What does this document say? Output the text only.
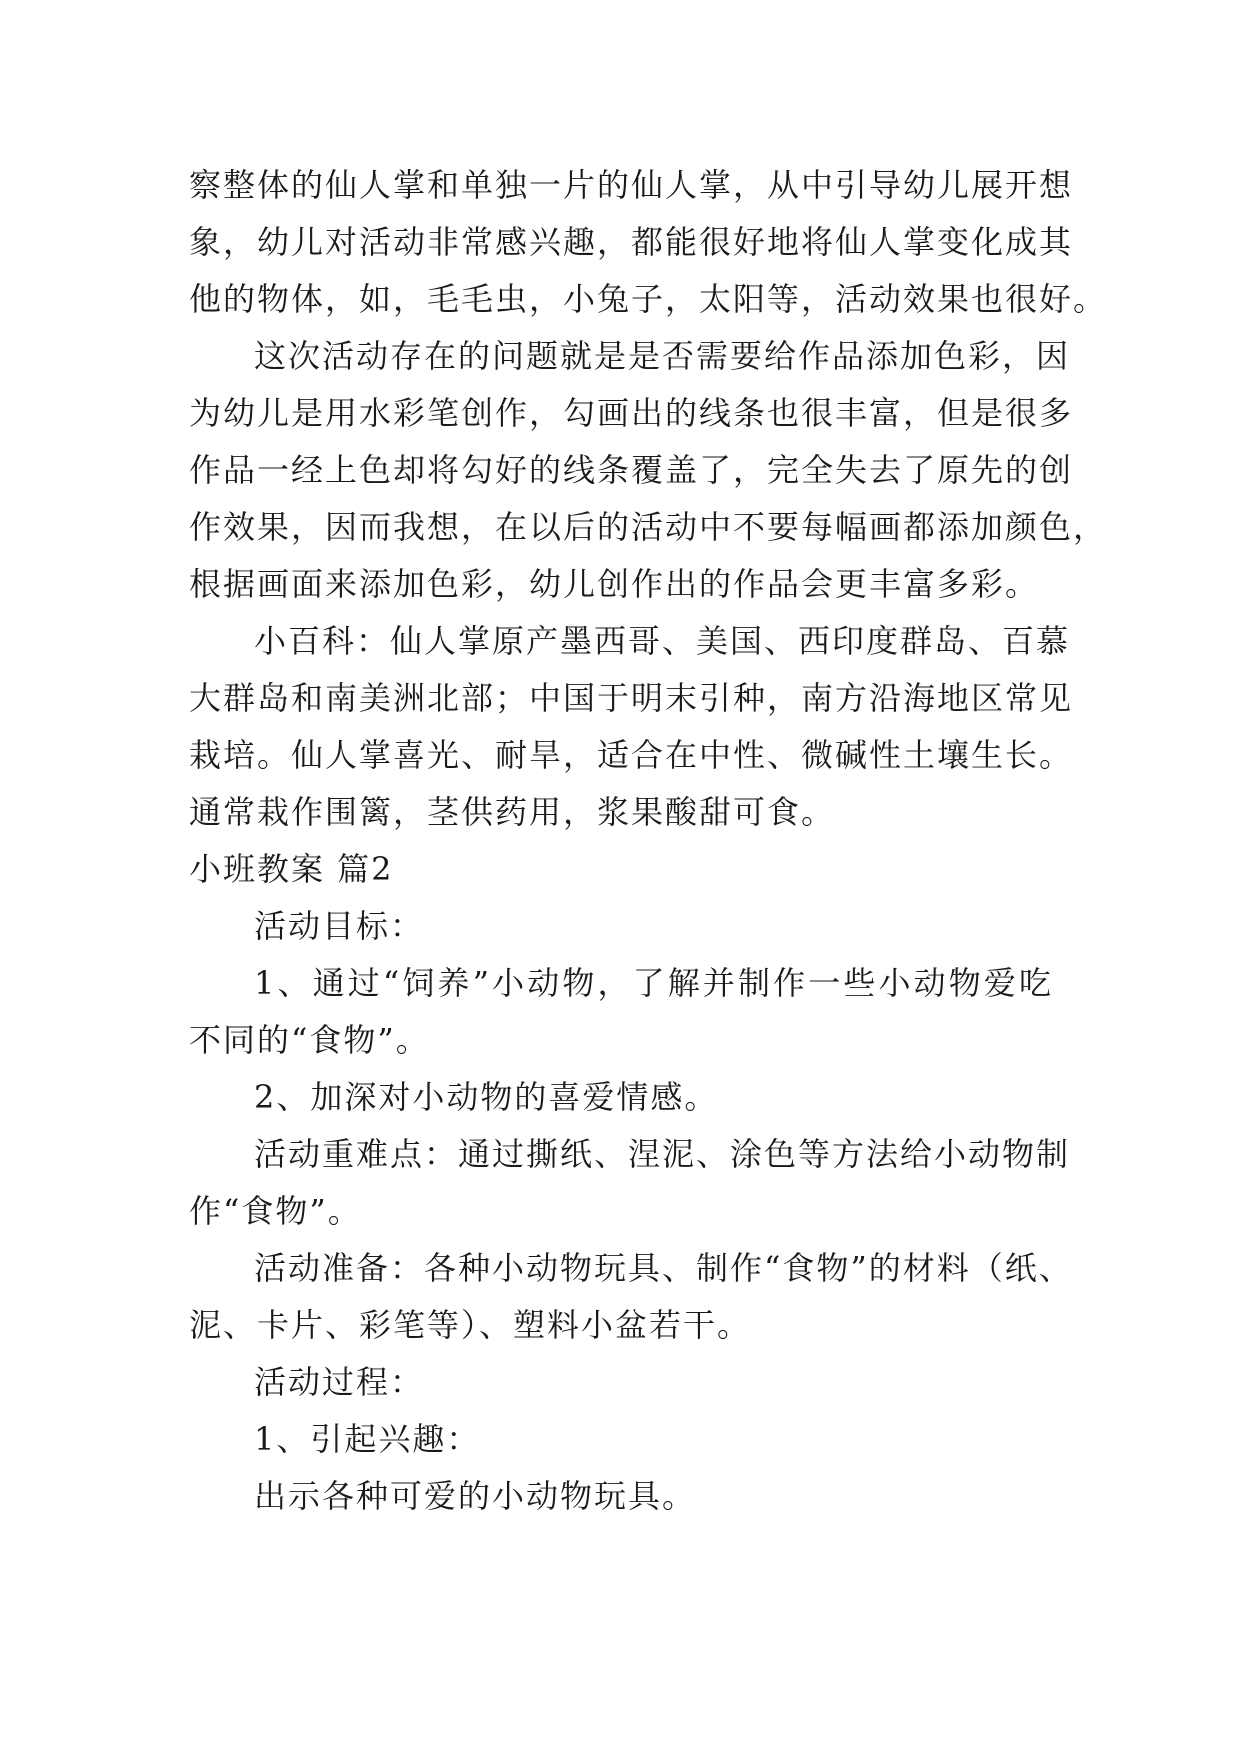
察整体的仙人掌和单独一片的仙人掌，从中引导幼儿展开想
象，幼儿对活动非常感兴趣，都能很好地将仙人掌变化成其
他的物体，如，毛毛虫，小兔子，太阳等，活动效果也很好。
这次活动存在的问题就是是否需要给作品添加色彩，因
为幼儿是用水彩笔创作，勾画出的线条也很丰富，但是很多
作品一经上色却将勾好的线条覆盖了，完全失去了原先的创
作效果，因而我想，在以后的活动中不要每幅画都添加颜色，
根据画面来添加色彩，幼儿创作出的作品会更丰富多彩。
小百科：仙人掌原产墨西哥、美国、西印度群岛、百慕
大群岛和南美洲北部；中国于明末引种，南方沿海地区常见
栽培。仙人掌喜光、耐旱，适合在中性、微碱性土壤生长。
通常栽作围篱，茎供药用，浆果酸甜可食。
小班教案 篇2
活动目标：
1、通过“饲养”小动物，了解并制作一些小动物爱吃
不同的“食物”。
2、加深对小动物的喜爱情感。
活动重难点：通过撕纸、涅泥、涂色等方法给小动物制
作“食物”。
活动准备：各种小动物玩具、制作“食物”的材料（纸、
泥、卡片、彩笔等）、塑料小盆若干。
活动过程：
1、引起兴趣：
出示各种可爱的小动物玩具。
